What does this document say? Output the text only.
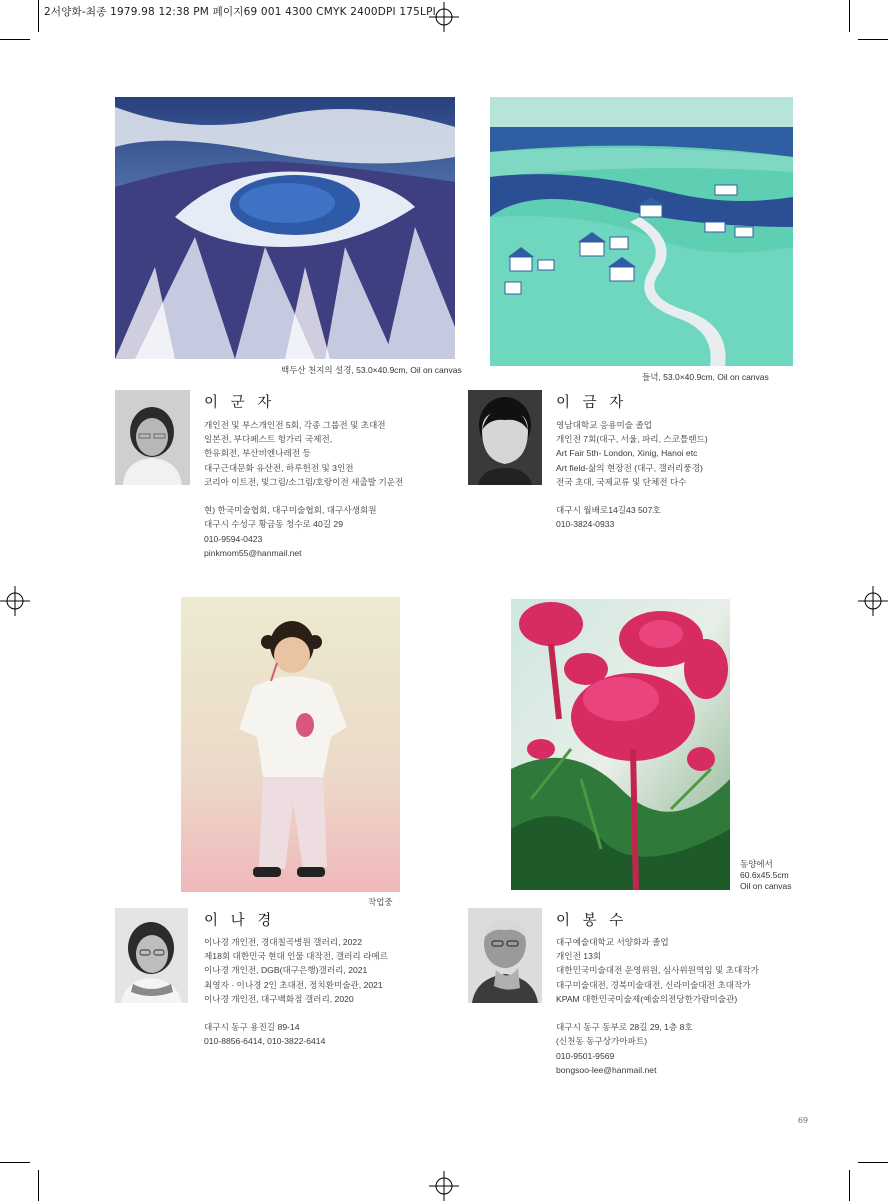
2서양화-최종 1979.98 12:38 PM 페이지69 001 4300 CMYK 2400DPI 175LPI
백두산 천지의 설경, 53.0×40.9cm, Oil on canvas
이 군 자
개인전 및 부스개인전 5회, 각종 그룹전 및 초대전
일본전, 부다페스트 헝가리 국제전,
한유회전, 부산비엔나레전 등
대구근대문화 유산전, 하루헌전 및 3인전
코리아 이트전, 빛그림/소그림/호랑이전 새출발 기운전
현) 한국미술협회, 대구미술협회, 대구사생회원
대구시 수성구 황금동 청수로 40길 29
010-9594-0423
pinkmom55@hanmail.net
들녁, 53.0×40.9cm, Oil on canvas
이 금 자
영남대학교 응용미술 졸업
개인전 7회(대구, 서울, 파리, 스코틀랜드)
Art Fair 5th- London, Xinig, Hanoi etc
Art field-삶의 현장전 (대구, 갤러리풍경)
전국 초대, 국제교류 및 단체전 다수
대구시 월배로14길43 507호
010-3824-0933
작업중
이 나 경
이나경 개인전, 경대칠곡병원 갤러리, 2022
제18회 대한민국 현대 인물 대작전, 갤러리 라메르
이나경 개인전, DGB(대구은행)갤러리, 2021
최영자 · 이나경 2인 초대전, 정치환미술관, 2021
이나경 개인전, 대구백화점 갤러리, 2020
대구시 동구 용진길 89-14
010-8856-6414, 010-3822-6414
동양에서
60.6x45.5cm
Oil on canvas
이 봉 수
대구예술대학교 서양화과 졸업
개인전 13회
대한민국미술대전 운영위원, 심사위원역임 및 초대작가
대구미술대전, 경북미술대전, 신라미술대전 초대작가
KPAM 대한민국미술제(예술의전당한가람미술관)
대구시 동구 동부로 28길 29, 1층 8호
(신천동 동구상가아파트)
010-9501-9569
bongsoo-lee@hanmail.net
69
